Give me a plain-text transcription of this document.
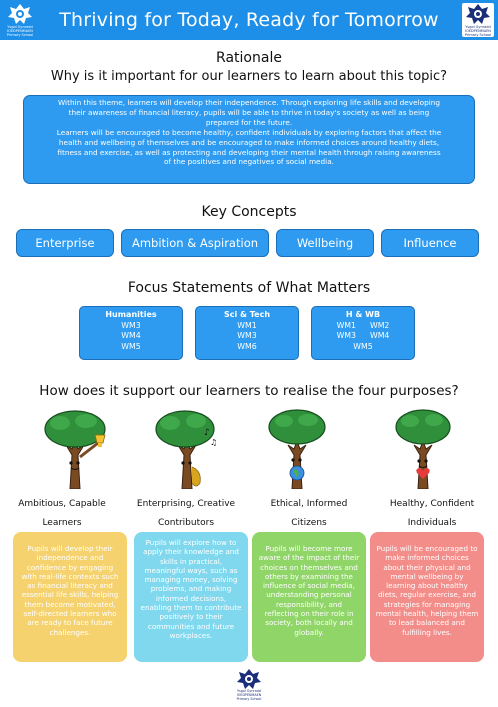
Ysgol Gynradd
IOEDPENMAEN
Primary School
Thriving for Today, Ready for Tomorrow	Ysgol Gynradd
IOEDPENMAEN
Primary School
Rationale
Why is it important for our learners to learn about this topic?
Within this theme, learners will develop their independence. Through exploring life skills and developing
their awareness of financial literacy, pupils will be able to thrive in today's society as well as being
prepared for the future.
Learners will be encouraged to become healthy, confident individuals by exploring factors that affect the
health and wellbeing of themselves and be encouraged to make informed choices around healthy diets,
fitness and exercise, as well as protecting and developing their mental health through raising awareness
of the positives and negatives of social media.
Key Concepts
Enterprise	Ambition & Aspiration	Wellbeing	Influence
Focus Statements of What Matters
Humanities
WM3
WM4
WM5
Sci & Tech
WM1
WM3
WM6
H & WB
WM1 WM2
WM3 WM4
WM5
How does it support our learners to realise the four purposes?
♪
♫
Ambitious, Capable
Learners
Enterprising, Creative
Contributors
Ethical, Informed
Citizens
Healthy, Confident
Individuals
Pupils will develop their
independence and
confidence by engaging
with real-life contexts such
as financial literacy and
essential life skills, helping
them become motivated,
self-directed learners who
are ready to face future
challenges.
Pupils will explore how to
apply their knowledge and
skills in practical,
meaningful ways, such as
managing money, solving
problems, and making
informed decisions,
enabling them to contribute
positively to their
communities and future
workplaces.
Pupils will become more
aware of the impact of their
choices on themselves and
others by examining the
influence of social media,
understanding personal
responsibility, and
reflecting on their role in
society, both locally and
globally.
Pupils will be encouraged to
make informed choices
about their physical and
mental wellbeing by
learning about healthy
diets, regular exercise, and
strategies for managing
mental health, helping them
to lead balanced and
fulfilling lives.
Ysgol Gynradd
IOEDPENMAEN
Primary School
